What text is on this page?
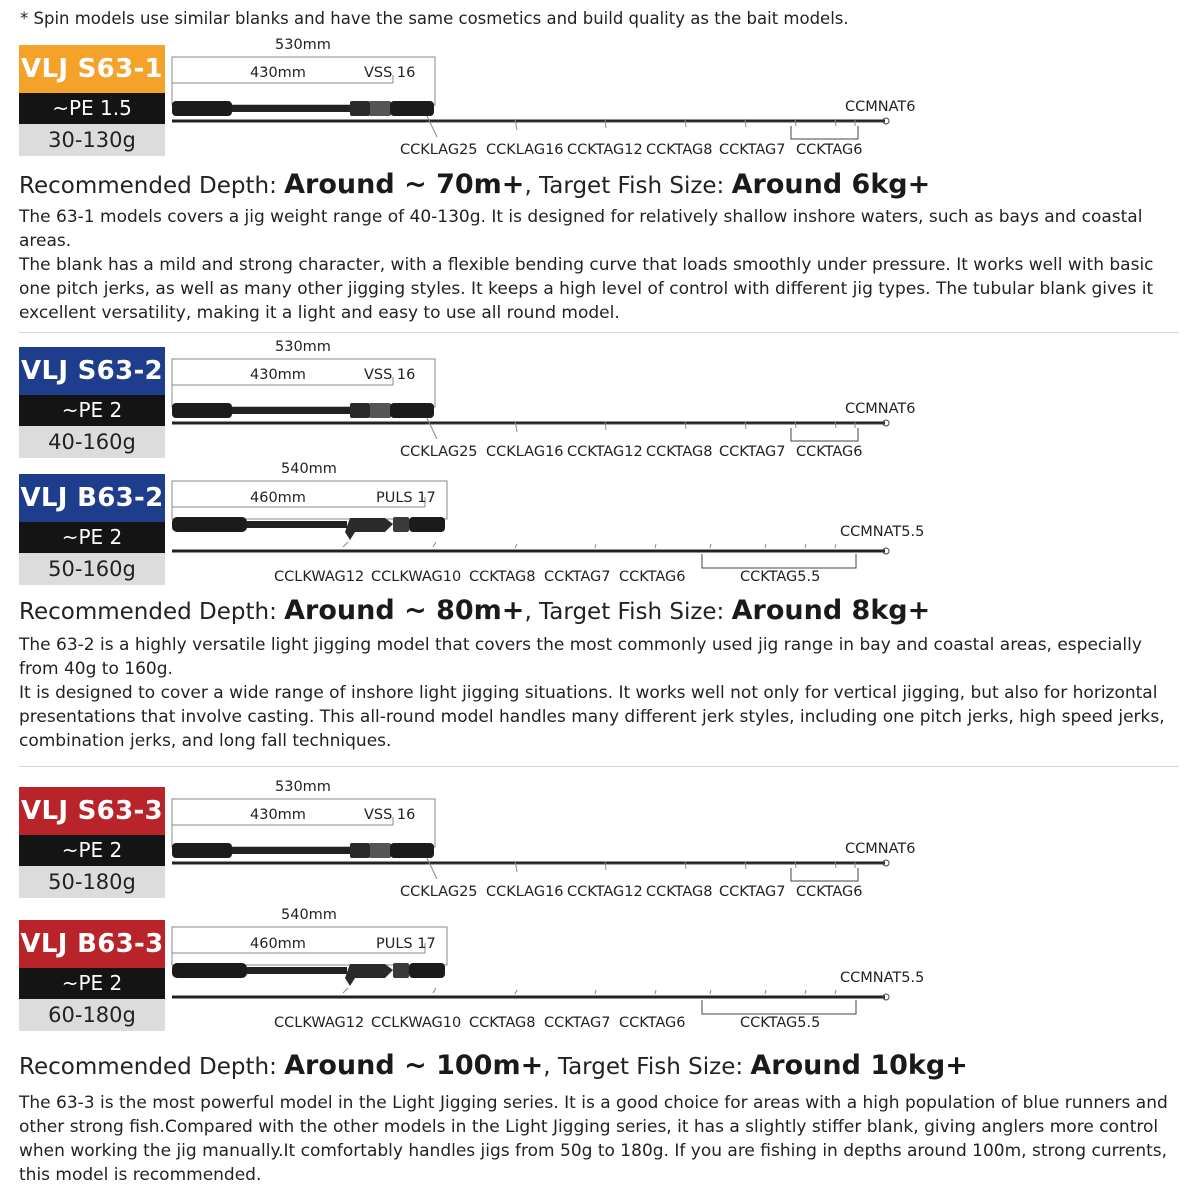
* Spin models use similar blanks and have the same cosmetics and build quality as the bait models.
VLJ S63-1
~PE 1.5
30-130g
530mm
430mm	VSS 16
CCMNAT6
CCKLAG25 CCKLAG16 CCKTAG12 CCKTAG8 CCKTAG7 CCKTAG6
Recommended Depth: Around ~ 70m+, Target Fish Size: Around 6kg+

The 63-1 models covers a jig weight range of 40-130g. It is designed for relatively shallow inshore waters, such as bays and coastal areas.

The blank has a mild and strong character, with a flexible bending curve that loads smoothly under pressure. It works well with basic one pitch jerks, as well as many other jigging styles. It keeps a high level of control with different jig types. The tubular blank gives it excellent versatility, making it a light and easy to use all round model.

VLJ S63-2
~PE 2
40-160g
530mm
430mm	VSS 16
CCMNAT6
CCKLAG25 CCKLAG16 CCKTAG12 CCKTAG8 CCKTAG7 CCKTAG6
VLJ B63-2
~PE 2
50-160g
540mm
460mm	PULS 17
CCMNAT5.5
CCLKWAG12 CCLKWAG10 CCKTAG8 CCKTAG7 CCKTAG6	CCKTAG5.5
Recommended Depth: Around ~ 80m+, Target Fish Size: Around 8kg+

The 63-2 is a highly versatile light jigging model that covers the most commonly used jig range in bay and coastal areas, especially from 40g to 160g.

It is designed to cover a wide range of inshore light jigging situations. It works well not only for vertical jigging, but also for horizontal presentations that involve casting. This all-round model handles many different jerk styles, including one pitch jerks, high speed jerks, combination jerks, and long fall techniques.

VLJ S63-3
~PE 2
50-180g
530mm
430mm	VSS 16
CCMNAT6
CCKLAG25 CCKLAG16 CCKTAG12 CCKTAG8 CCKTAG7 CCKTAG6
VLJ B63-3
~PE 2
60-180g
540mm
460mm	PULS 17
CCMNAT5.5
CCLKWAG12 CCLKWAG10 CCKTAG8 CCKTAG7 CCKTAG6	CCKTAG5.5
Recommended Depth: Around ~ 100m+, Target Fish Size: Around 10kg+

The 63-3 is the most powerful model in the Light Jigging series. It is a good choice for areas with a high population of blue runners and other strong fish.Compared with the other models in the Light Jigging series, it has a slightly stiffer blank, giving anglers more control when working the jig manually.It comfortably handles jigs from 50g to 180g. If you are fishing in depths around 100m, strong currents, this model is recommended.
